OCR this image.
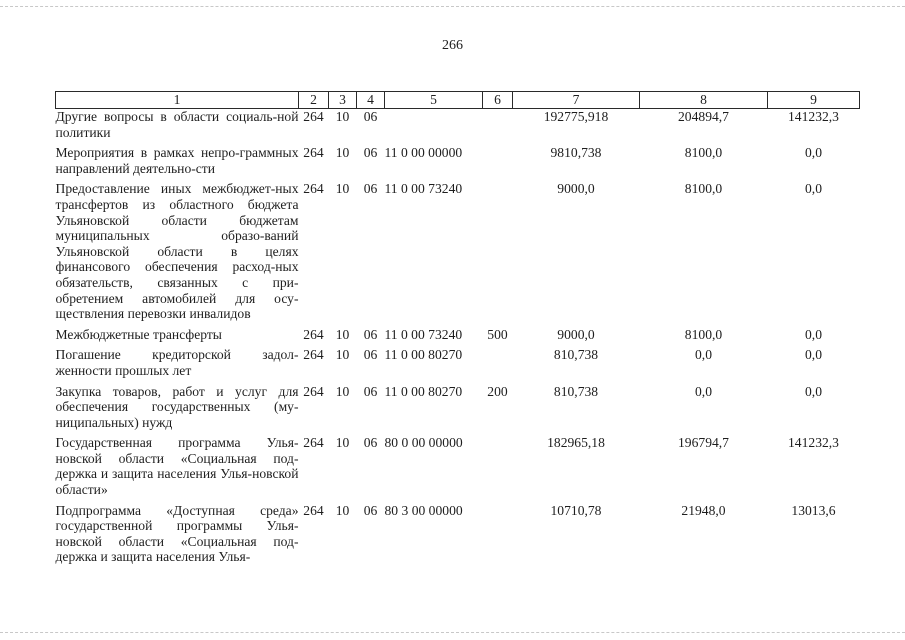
266
1	2	3	4	5	6	7	8	9
Другие вопросы в области социаль-ной политики	264	10	06			192775,918	204894,7	141232,3
Мероприятия в рамках непро-граммных направлений деятельно-сти	264	10	06	11 0 00 00000		9810,738	8100,0	0,0
Предоставление иных межбюджет-ных трансфертов из областного бюджета Ульяновской области бюджетам муниципальных образо-ваний Ульяновской области в целях финансового обеспечения расход-ных обязательств, связанных с при-обретением автомобилей для осу-ществления перевозки инвалидов	264	10	06	11 0 00 73240		9000,0	8100,0	0,0
Межбюджетные трансферты	264	10	06	11 0 00 73240	500	9000,0	8100,0	0,0
Погашение кредиторской задол-женности прошлых лет	264	10	06	11 0 00 80270		810,738	0,0	0,0
Закупка товаров, работ и услуг для обеспечения государственных (му-ниципальных) нужд	264	10	06	11 0 00 80270	200	810,738	0,0	0,0
Государственная программа Улья-новской области «Социальная под-держка и защита населения Улья-новской области»	264	10	06	80 0 00 00000		182965,18	196794,7	141232,3
Подпрограмма «Доступная среда» государственной программы Улья-новской области «Социальная под-держка и защита населения Улья-	264	10	06	80 3 00 00000		10710,78	21948,0	13013,6
